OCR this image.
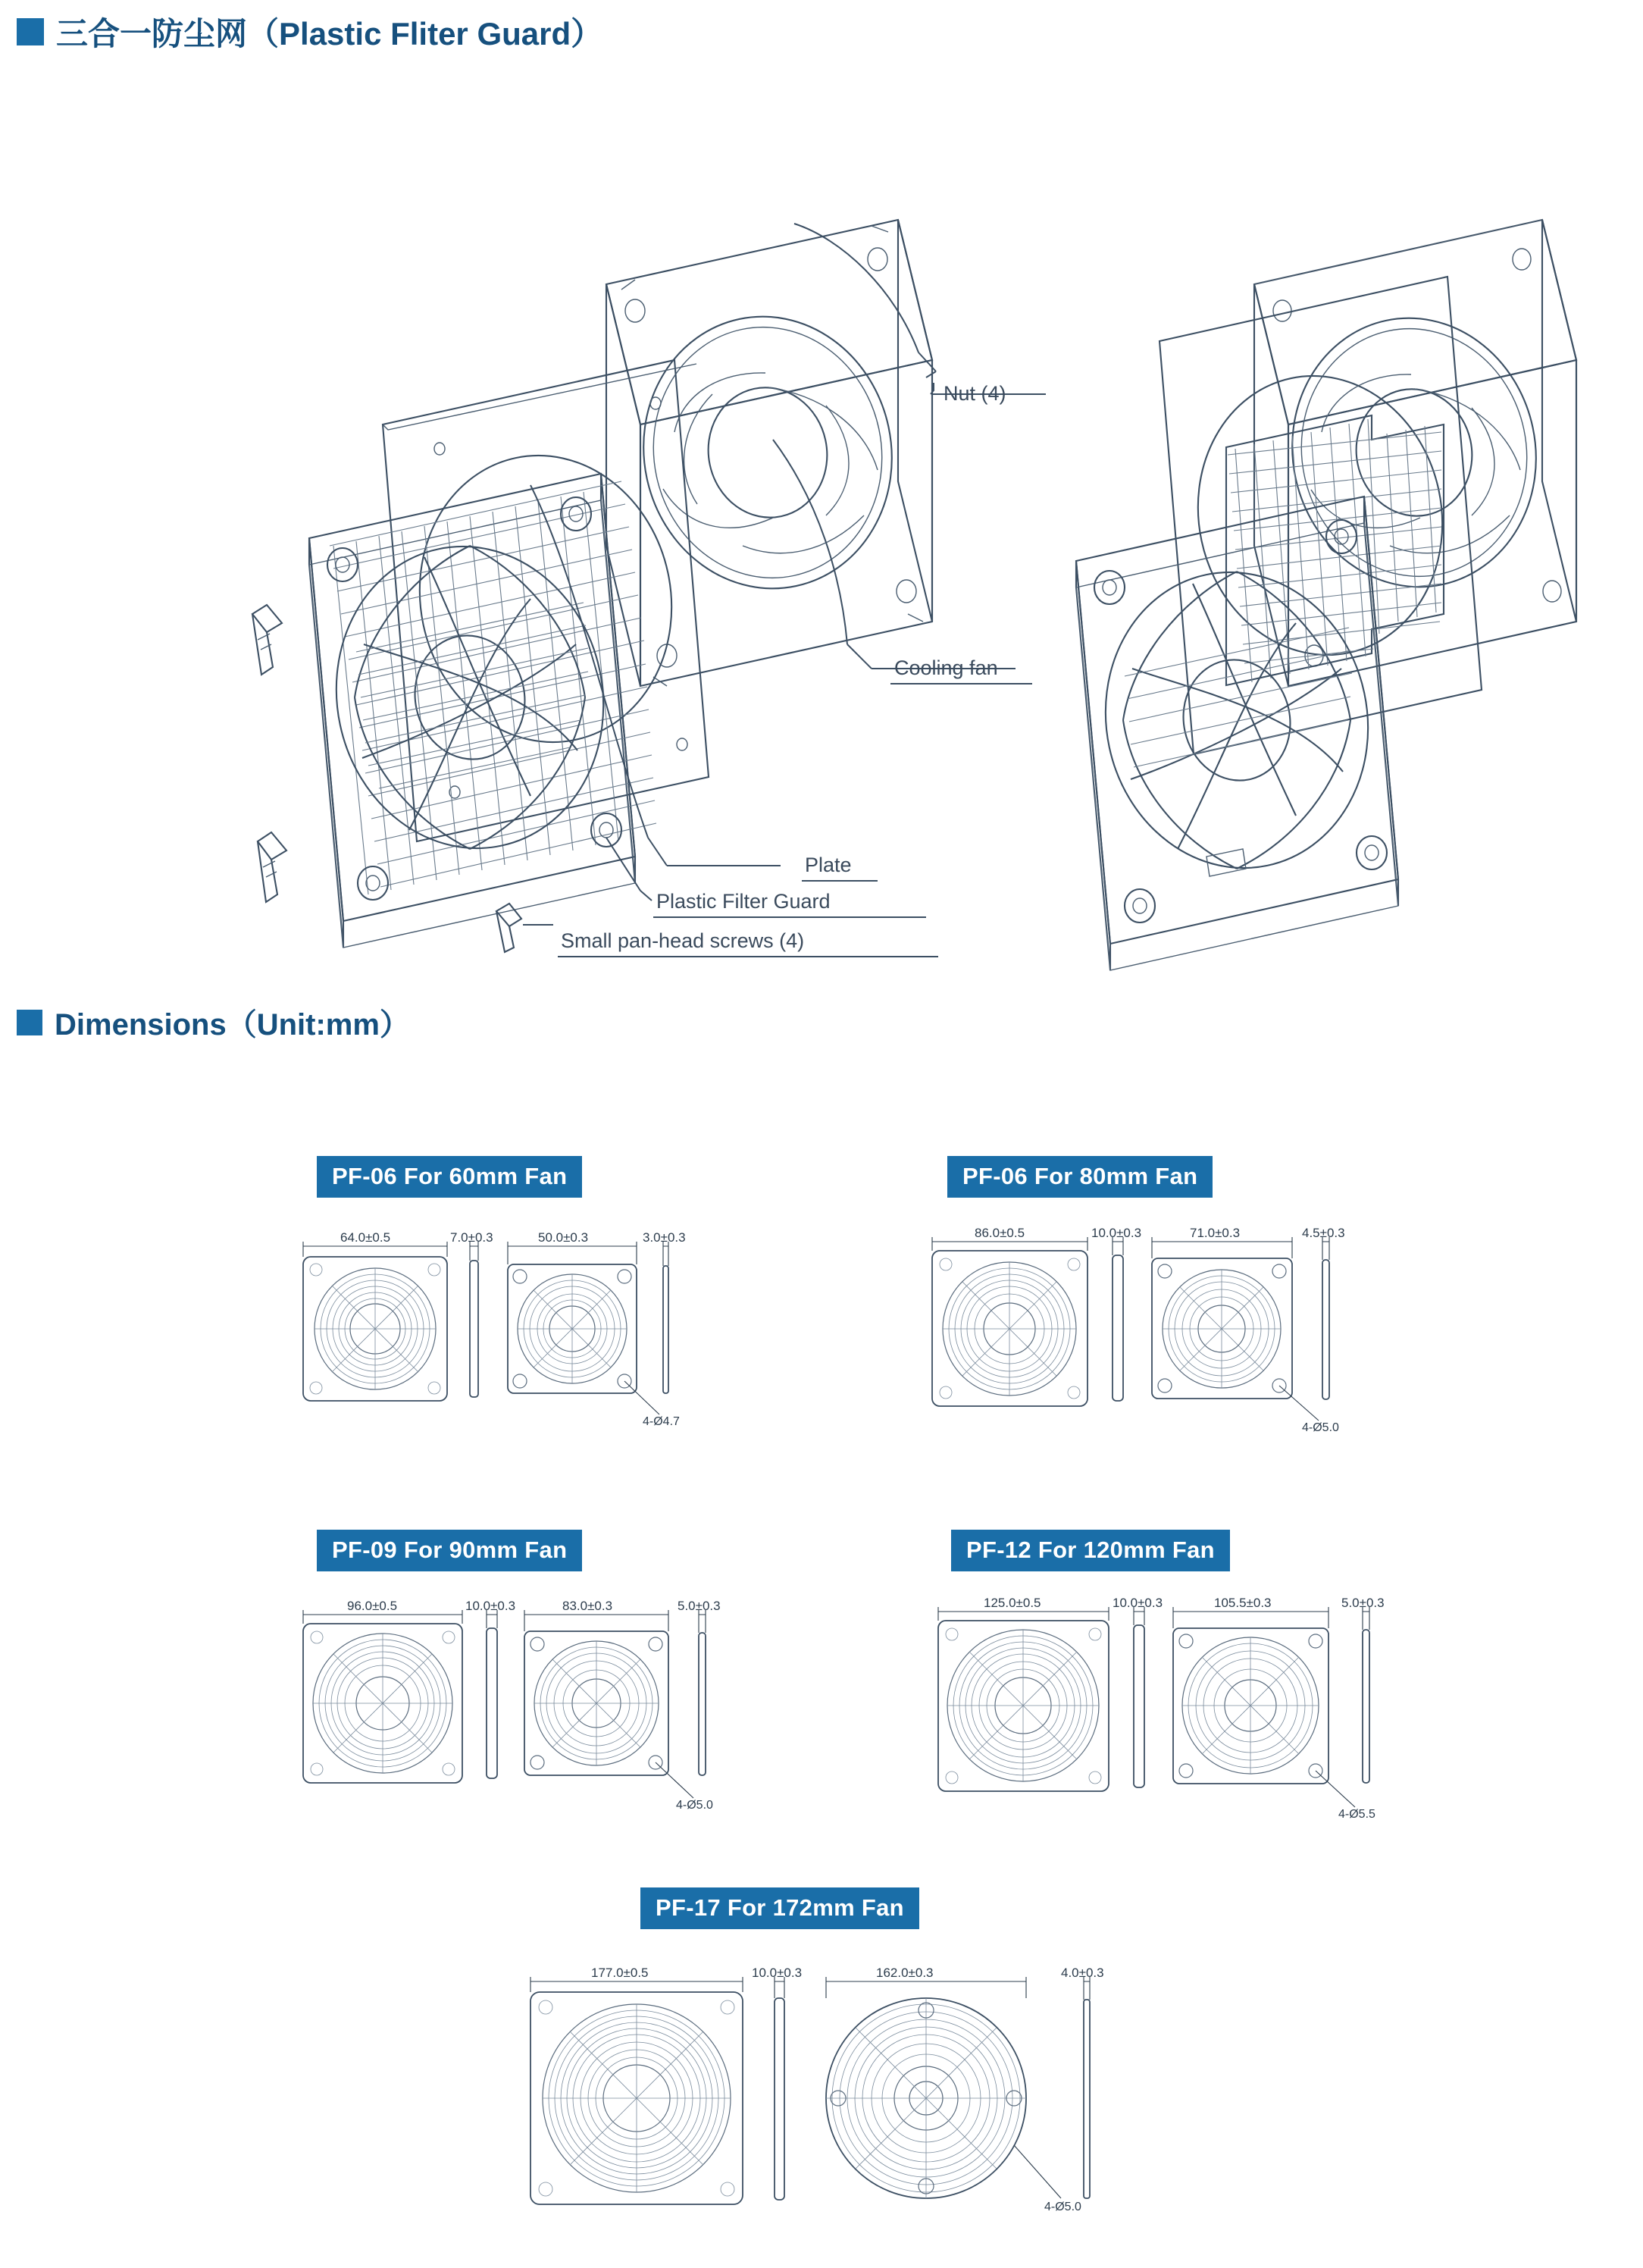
三合一防尘网（Plastic Fliter Guard）
Nut (4)
Cooling fan
Plate
Plastic Filter Guard
Small pan-head screws (4)
Dimensions（Unit:mm）
PF-06 For 60mm Fan
64.0±0.5	7.0±0.3	50.0±0.3	3.0±0.3
4-Ø4.7
PF-06 For 80mm Fan
86.0±0.5	10.0±0.3	71.0±0.3	4.5±0.3
4-Ø5.0
PF-09 For 90mm Fan
96.0±0.5	10.0±0.3	83.0±0.3	5.0±0.3
4-Ø5.0
PF-12 For 120mm Fan
125.0±0.5	10.0±0.3	105.5±0.3	5.0±0.3
4-Ø5.5
PF-17 For 172mm Fan
177.0±0.5	10.0±0.3	162.0±0.3	4.0±0.3
4-Ø5.0
